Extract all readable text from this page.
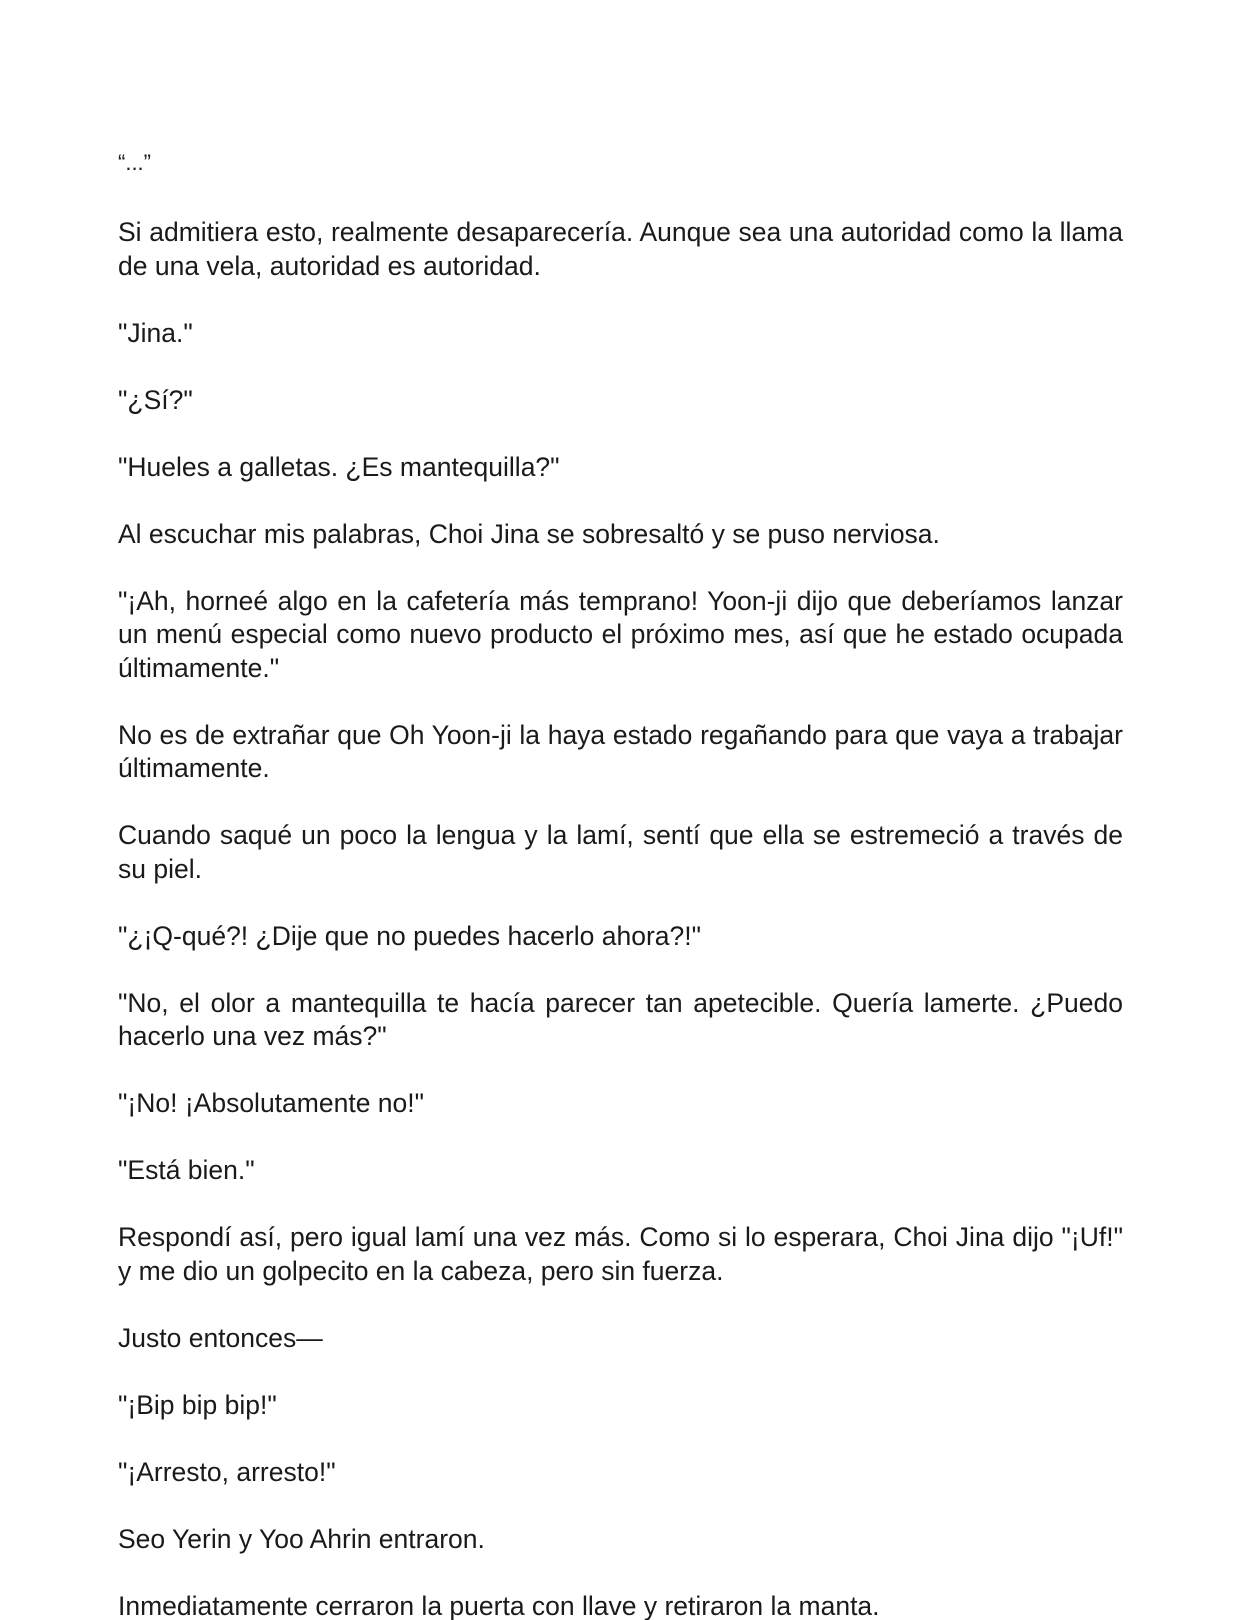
“...”

Si admitiera esto, realmente desaparecería. Aunque sea una autoridad como la llama de una vela, autoridad es autoridad.

"Jina."

"¿Sí?"

"Hueles a galletas. ¿Es mantequilla?"

Al escuchar mis palabras, Choi Jina se sobresaltó y se puso nerviosa.

"¡Ah, horneé algo en la cafetería más temprano! Yoon-ji dijo que deberíamos lanzar un menú especial como nuevo producto el próximo mes, así que he estado ocupada últimamente."

No es de extrañar que Oh Yoon-ji la haya estado regañando para que vaya a trabajar últimamente.

Cuando saqué un poco la lengua y la lamí, sentí que ella se estremeció a través de su piel.

"¿¡Q-qué?! ¿Dije que no puedes hacerlo ahora?!"

"No, el olor a mantequilla te hacía parecer tan apetecible. Quería lamerte. ¿Puedo hacerlo una vez más?"

"¡No! ¡Absolutamente no!"

"Está bien."

Respondí así, pero igual lamí una vez más. Como si lo esperara, Choi Jina dijo "¡Uf!" y me dio un golpecito en la cabeza, pero sin fuerza.

Justo entonces—

"¡Bip bip bip!"

"¡Arresto, arresto!"

Seo Yerin y Yoo Ahrin entraron.

Inmediatamente cerraron la puerta con llave y retiraron la manta.
